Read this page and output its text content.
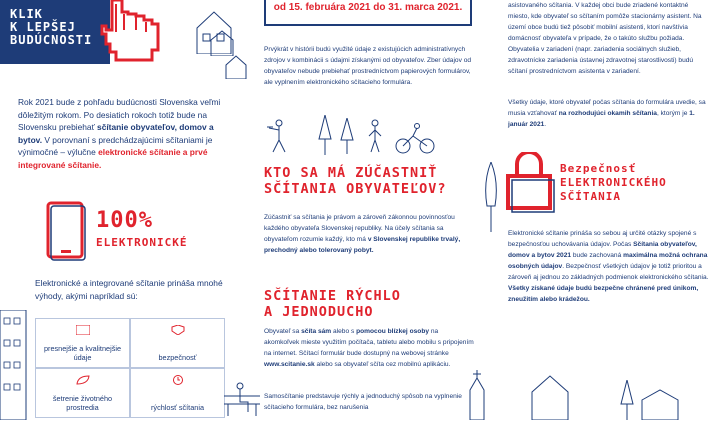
KLIK
K LEPŠEJ
BUDÚCNOSTI
Rok 2021 bude z pohľadu budúcnosti Slovenska veľmi dôležitým rokom. Po desiatich rokoch totiž bude na Slovensku prebiehať sčítanie obyvateľov, domov a bytov. V porovnaní s predchádzajúcimi sčítaniami je výnimočné – výlučne elektronické sčítanie a prvé integrované sčítanie.
100%
ELEKTRONICKÉ
Elektronické a integrované sčítanie prináša mnohé výhody, akými napríklad sú:
presnejšie a kvalitnejšie údaje	bezpečnosť
šetrenie životného prostredia	rýchlosť sčítania
od 15. februára 2021 do 31. marca 2021.
Prvýkrát v histórii budú využité údaje z existujúcich administratívnych zdrojov v kombinácii s údajmi získanými od obyvateľov. Zber údajov od obyvateľov nebude prebiehať prostredníctvom papierových formulárov, ale vyplnením elektronického sčítacieho formulára.
KTO SA MÁ ZÚČASTNIŤ
SČÍTANIA OBYVATEĽOV?
Zúčastniť sa sčítania je právom a zároveň zákonnou povinnosťou každého obyvateľa Slovenskej republiky. Na účely sčítania sa obyvateľom rozumie každý, kto má v Slovenskej republike trvalý, prechodný alebo tolerovaný pobyt.
SČÍTANIE RÝCHLO
A JEDNODUCHO
Obyvateľ sa sčíta sám alebo s pomocou blízkej osoby na akomkoľvek mieste využitím počítača, tabletu alebo mobilu s pripojením na internet. Sčítací formulár bude dostupný na webovej stránke www.scitanie.sk alebo sa obyvateľ sčíta cez mobilnú aplikáciu.
Samosčítanie predstavuje rýchly a jednoduchý spôsob na vyplnenie sčítacieho formulára, bez narušenia
asistovaného sčítania. V každej obci bude zriadené kontaktné miesto, kde obyvateľ so sčítaním pomôže stacionárny asistent. Na území obce budú tiež pôsobiť mobilní asistenti, ktorí navštívia domácnosť obyvateľa v prípade, že o takúto službu požiada. Obyvatelia v zariadení (napr. zariadenia sociálnych služieb, zdravotnícke zariadenia ústavnej zdravotnej starostlivosti) budú sčítaní prostredníctvom asistenta v zariadení.
Všetky údaje, ktoré obyvateľ počas sčítania do formulára uvedie, sa musia vzťahovať na rozhodujúci okamih sčítania, ktorým je 1. január 2021.
Bezpečnosť
ELEKTRONICKÉHO
SČÍTANIA
Elektronické sčítanie prináša so sebou aj určité otázky spojené s bezpečnosťou uchovávania údajov. Počas Sčítania obyvateľov, domov a bytov 2021 bude zachovaná maximálna možná ochrana osobných údajov. Bezpečnosť všetkých údajov je totiž prioritou a zároveň aj jednou zo základných podmienok elektronického sčítania. Všetky získané údaje budú bezpečne chránené pred únikom, zneužitím alebo krádežou.
